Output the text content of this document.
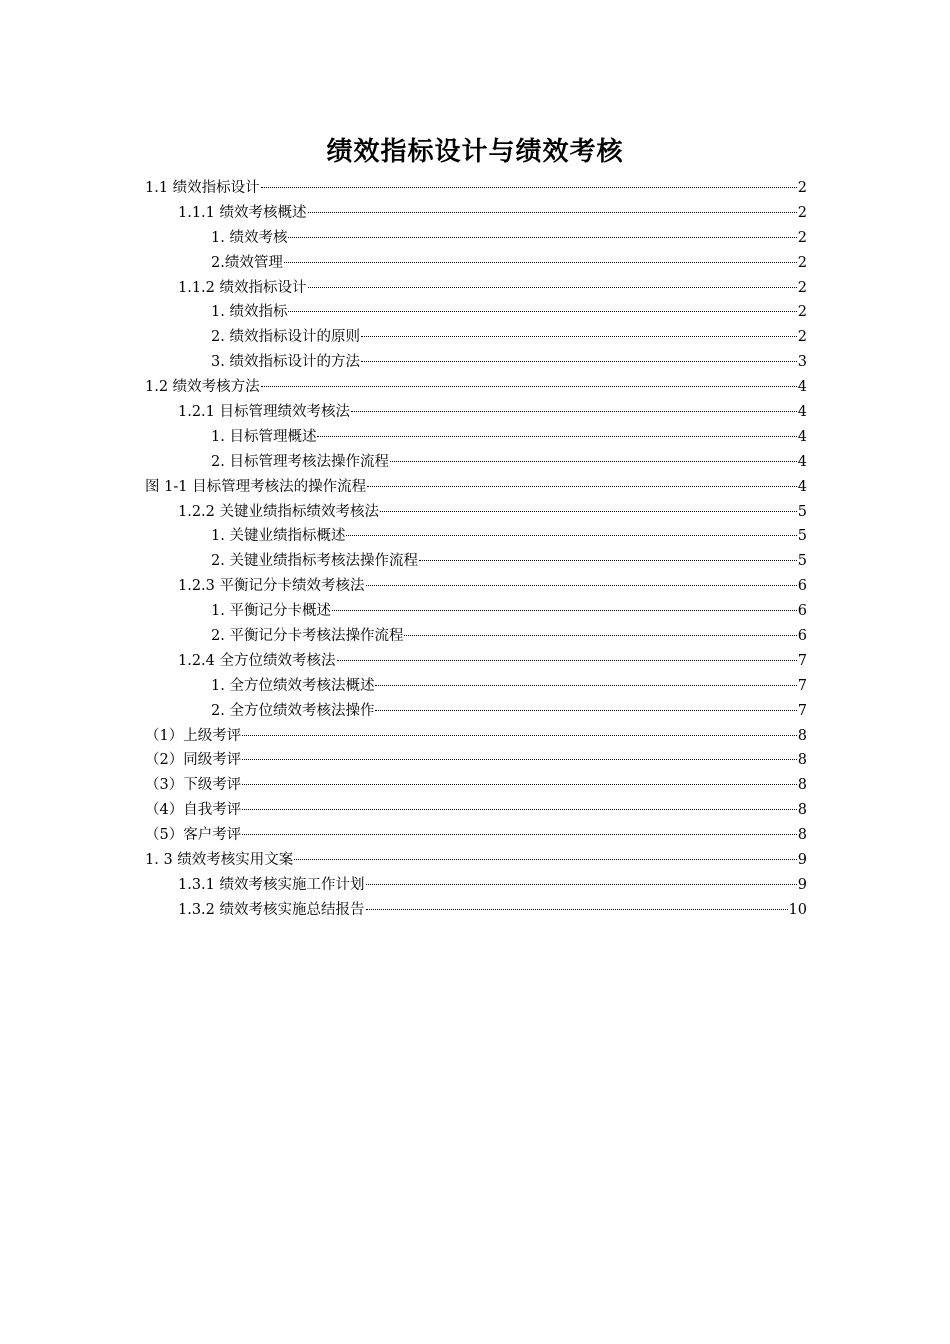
绩效指标设计与绩效考核
1.1 绩效指标设计	2
1.1.1 绩效考核概述	2
1. 绩效考核	2
2.绩效管理	2
1.1.2 绩效指标设计	2
1. 绩效指标	2
2. 绩效指标设计的原则	2
3. 绩效指标设计的方法	3
1.2 绩效考核方法	4
1.2.1 目标管理绩效考核法	4
1. 目标管理概述	4
2. 目标管理考核法操作流程	4
图 1-1 目标管理考核法的操作流程	4
1.2.2 关键业绩指标绩效考核法	5
1. 关键业绩指标概述	5
2. 关键业绩指标考核法操作流程	5
1.2.3 平衡记分卡绩效考核法	6
1. 平衡记分卡概述	6
2. 平衡记分卡考核法操作流程	6
1.2.4 全方位绩效考核法	7
1. 全方位绩效考核法概述	7
2. 全方位绩效考核法操作	7
（1）上级考评	8
（2）同级考评	8
（3）下级考评	8
（4）自我考评	8
（5）客户考评	8
1. 3 绩效考核实用文案	9
1.3.1 绩效考核实施工作计划	9
1.3.2 绩效考核实施总结报告	10
